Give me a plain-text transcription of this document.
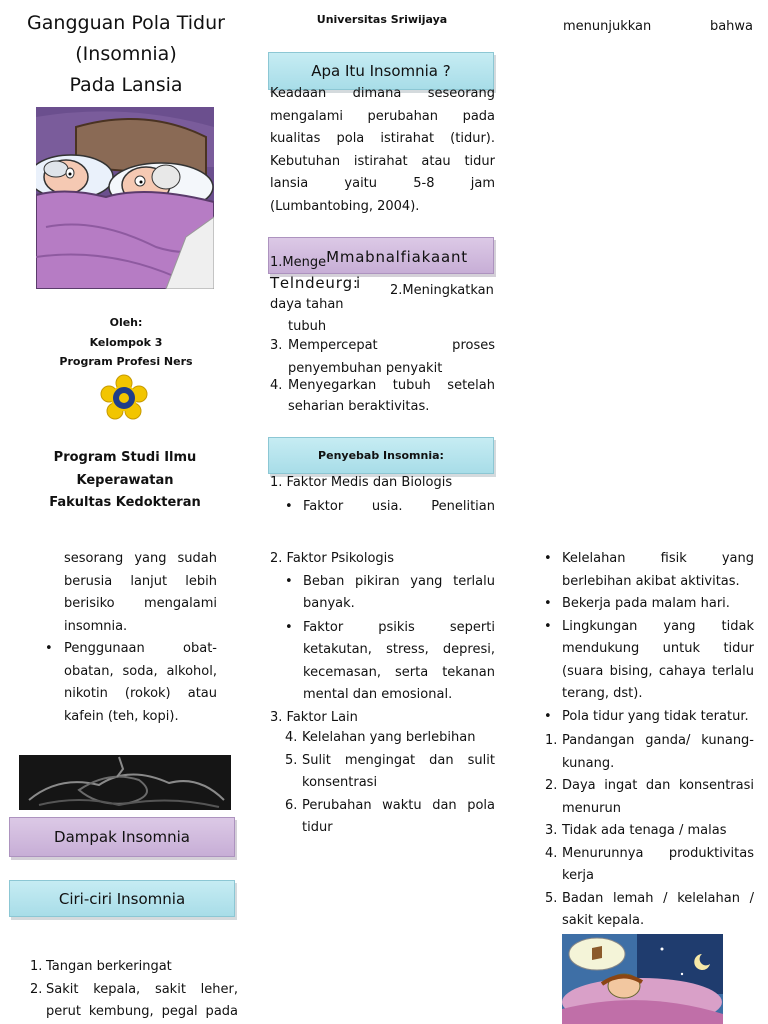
Gangguan Pola Tidur
(Insomnia)
Pada Lansia
Oleh:
Kelompok 3
Program Profesi Ners
Program Studi Ilmu
Keperawatan
Fakultas Kedokteran
Universitas Sriwijaya
Apa Itu Insomnia ?
Keadaan dimana seseorang
mengalami perubahan pada
kualitas pola istirahat (tidur).
Kebutuhan istirahat atau tidur
lansia yaitu 5-8 jam
(Lumbantobing, 2004).
1.MengeM m a b n a l f i a k a a n t
T e l n d e u r g :i 2.Meningkatkan
daya tahan
tubuh
3. Mempercepat proses
penyembuhan penyakit
4. Menyegarkan tubuh setelah
seharian beraktivitas.
Penyebab Insomnia:
1. Faktor Medis dan Biologis
• Faktor usia. Penelitian
menunjukkan bahwa
sesorang yang sudah
berusia lanjut lebih
berisiko mengalami
insomnia.
• Penggunaan obat-
obatan, soda, alkohol,
nikotin (rokok) atau
kafein (teh, kopi).
Dampak Insomnia
Ciri-ciri Insomnia
1. Tangan berkeringat
2. Sakit kepala, sakit leher,
perut kembung, pegal pada
2. Faktor Psikologis
• Beban pikiran yang terlalu
banyak.
• Faktor psikis seperti
ketakutan, stress, depresi,
kecemasan, serta tekanan
mental dan emosional.
3. Faktor Lain
4. Kelelahan yang berlebihan
5. Sulit mengingat dan sulit
konsentrasi
6. Perubahan waktu dan pola
tidur
• Kelelahan fisik yang
berlebihan akibat aktivitas.
• Bekerja pada malam hari.
• Lingkungan yang tidak
mendukung untuk tidur
(suara bising, cahaya terlalu
terang, dst).
• Pola tidur yang tidak teratur.
1. Pandangan ganda/ kunang-
kunang.
2. Daya ingat dan konsentrasi
menurun
3. Tidak ada tenaga / malas
4. Menurunnya produktivitas
kerja
5. Badan lemah / kelelahan /
sakit kepala.
